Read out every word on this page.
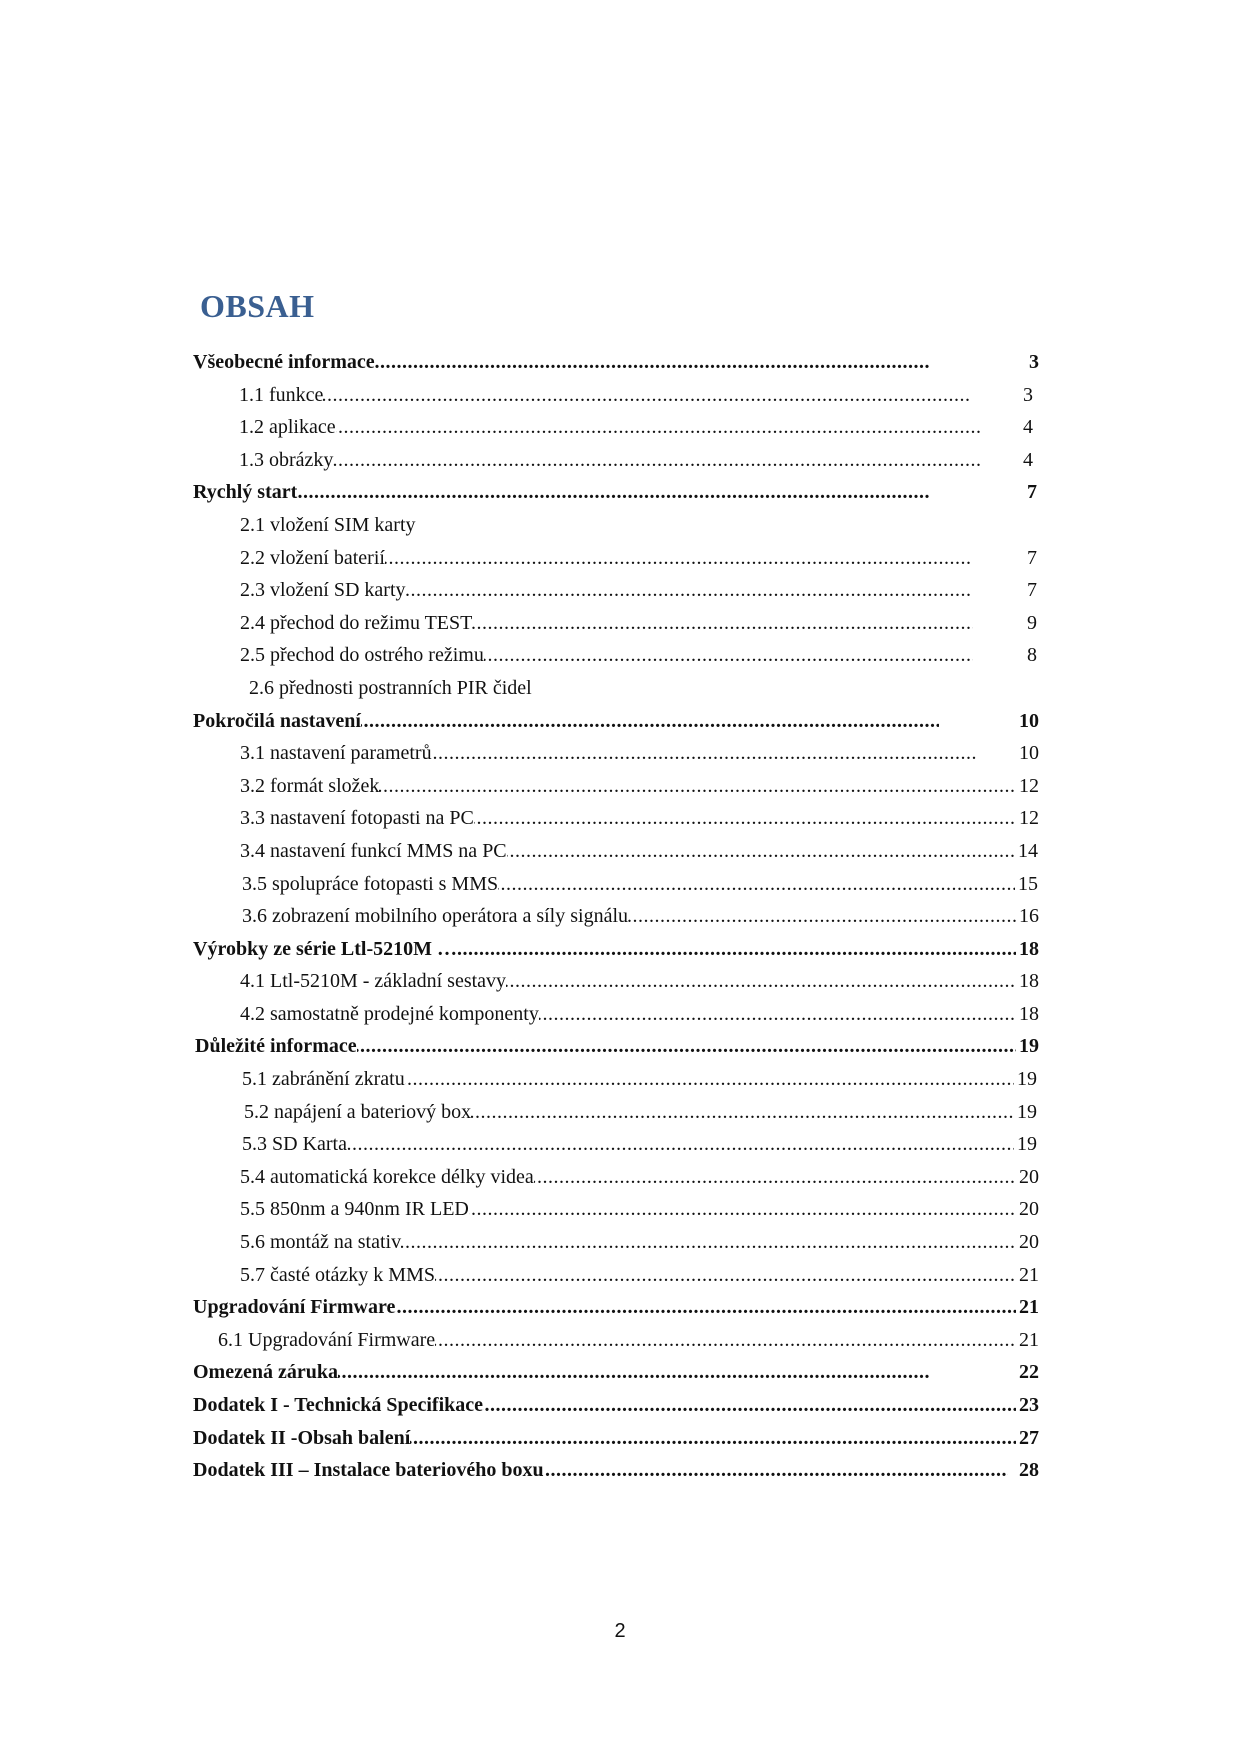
OBSAH
Všeobecné informace .....	3
1.1 funkce .....	3
1.2 aplikace .....	4
1.3 obrázky .....	4
Rychlý start .....	7
2.1 vložení SIM karty
2.2 vložení baterií .....	7
2.3 vložení SD karty .....	7
2.4 přechod do režimu TEST .....	9
2.5 přechod do ostrého režimu .....	8
2.6 přednosti postranních PIR čidel
Pokročilá nastavení .....	10
3.1 nastavení parametrů .....	10
3.2 formát složek .....	12
3.3 nastavení fotopasti na PC .....	12
3.4 nastavení funkcí MMS na PC .....	14
3.5 spolupráce fotopasti s MMS .....	15
3.6 zobrazení mobilního operátora a síly signálu .....	16
Výrobky ze série Ltl-5210M … .....	18
4.1 Ltl-5210M - základní sestavy .....	18
4.2 samostatně prodejné komponenty .....	18
Důležité informace .....	19
5.1 zabránění zkratu .....	19
5.2 napájení a bateriový box .....	19
5.3 SD Karta .....	19
5.4 automatická korekce délky videa .....	20
5.5 850nm a 940nm IR LED .....	20
5.6 montáž na stativ .....	20
5.7 časté otázky k MMS .....	21
Upgradování Firmware .....	21
6.1 Upgradování Firmware .....	21
Omezená záruka .....	22
Dodatek I - Technická Specifikace .....	23
Dodatek II -Obsah balení .....	27
Dodatek III – Instalace bateriového boxu .....	28
2
